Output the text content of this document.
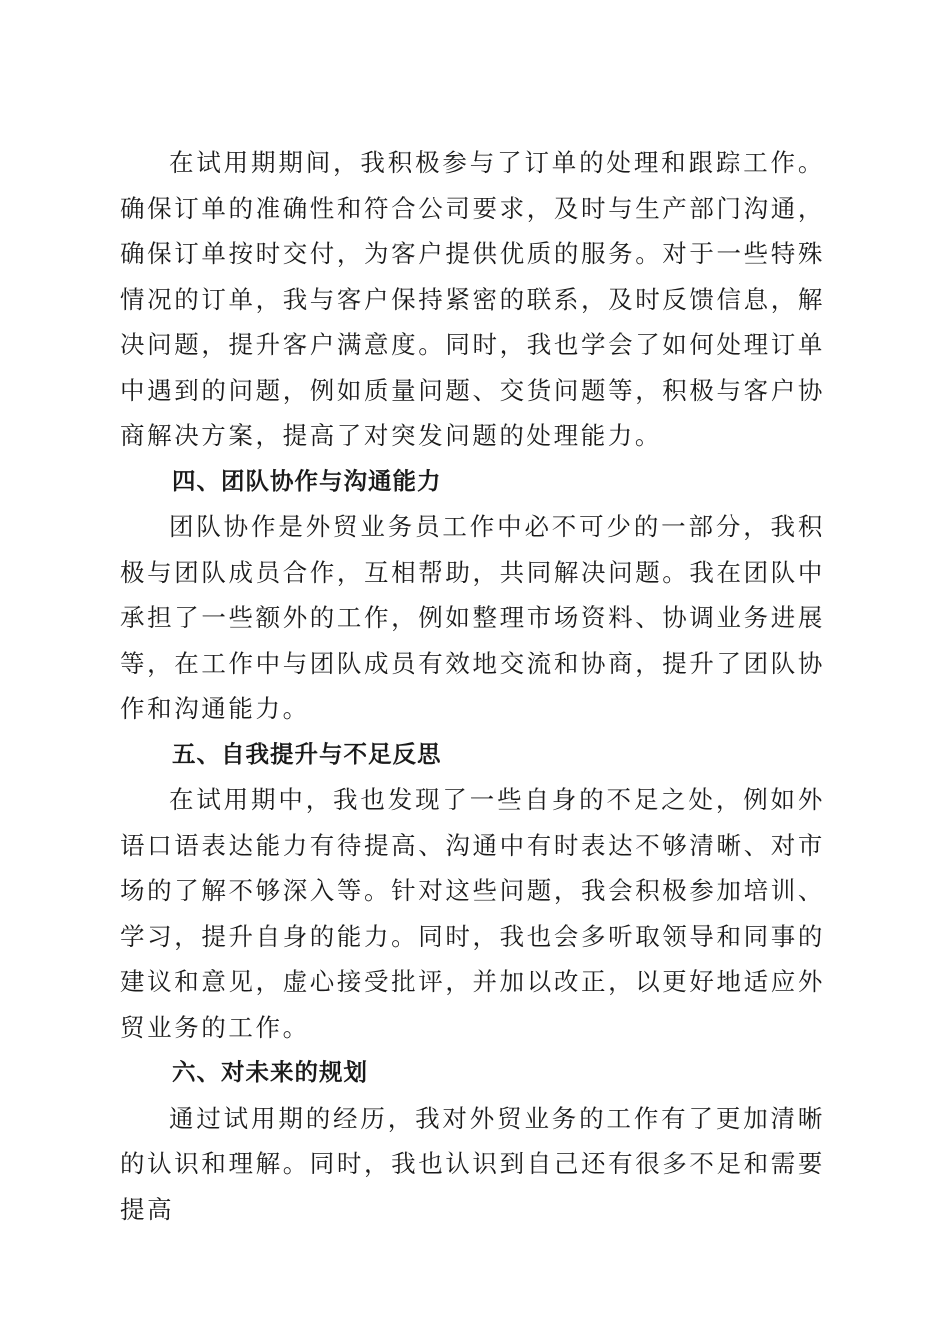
在试用期期间，我积极参与了订单的处理和跟踪工作。确保订单的准确性和符合公司要求，及时与生产部门沟通，确保订单按时交付，为客户提供优质的服务。对于一些特殊情况的订单，我与客户保持紧密的联系，及时反馈信息，解决问题，提升客户满意度。同时，我也学会了如何处理订单中遇到的问题，例如质量问题、交货问题等，积极与客户协商解决方案，提高了对突发问题的处理能力。

四、团队协作与沟通能力

团队协作是外贸业务员工作中必不可少的一部分，我积极与团队成员合作，互相帮助，共同解决问题。我在团队中承担了一些额外的工作，例如整理市场资料、协调业务进展等，在工作中与团队成员有效地交流和协商，提升了团队协作和沟通能力。

五、自我提升与不足反思

在试用期中，我也发现了一些自身的不足之处，例如外语口语表达能力有待提高、沟通中有时表达不够清晰、对市场的了解不够深入等。针对这些问题，我会积极参加培训、学习，提升自身的能力。同时，我也会多听取领导和同事的建议和意见，虚心接受批评，并加以改正，以更好地适应外贸业务的工作。

六、对未来的规划

通过试用期的经历，我对外贸业务的工作有了更加清晰的认识和理解。同时，我也认识到自己还有很多不足和需要提高
